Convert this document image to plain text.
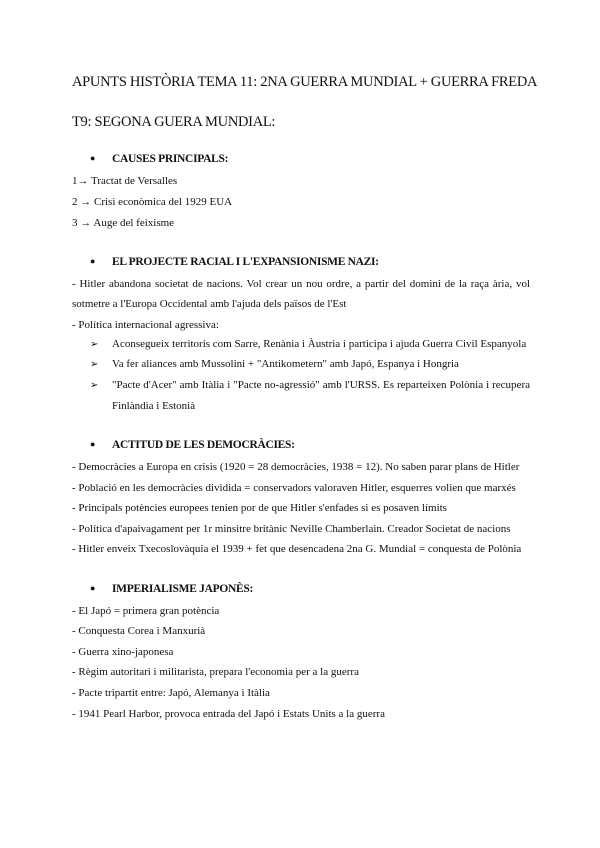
APUNTS HISTÒRIA TEMA 11: 2NA GUERRA MUNDIAL + GUERRA FREDA
T9: SEGONA GUERA MUNDIAL:
● CAUSES PRINCIPALS:
1→ Tractat de Versalles
2 → Crisi econòmica del 1929 EUA
3 → Auge del feixisme
● EL PROJECTE RACIAL I L'EXPANSIONISME NAZI:
- Hitler abandona societat de nacions. Vol crear un nou ordre, a partir del domini de la raça ària, vol
sotmetre a l'Europa Occidental amb l'ajuda dels països de l'Est
- Política internacional agressiva:
➢ Aconsegueix territoris com Sarre, Renània i Àustria i participa i ajuda Guerra Civil Espanyola
➢ Va fer aliances amb Mussolini + "Antikometern" amb Japó, Espanya i Hongria
➢ "Pacte d'Acer" amb Itàlia i "Pacte no-agressió" amb l'URSS. Es reparteixen Polònia i recupera
Finlàndia i Estonià
● ACTITUD DE LES DEMOCRÀCIES:
- Democràcies a Europa en crisis (1920 = 28 democràcies, 1938 = 12). No saben parar plans de Hitler
- Població en les democràcies dividida = conservadors valoraven Hitler, esquerres volien que marxés
- Principals potències europees tenien por de que Hitler s'enfades si es posaven límits
- Política d'apaivagament per 1r minsitre britànic Neville Chamberlain. Creador Societat de nacions
- Hitler enveix Txecoslovàquia el 1939 + fet que desencadena 2na G. Mundial = conquesta de Polònia
● IMPERIALISME JAPONÈS:
- El Japó = primera gran potència
- Conquesta Corea i Manxurià
- Guerra xino-japonesa
- Règim autoritari i militarista, prepara l'economia per a la guerra
- Pacte tripartit entre: Japó, Alemanya i Itàlia
- 1941 Pearl Harbor, provoca entrada del Japó i Estats Units a la guerra
